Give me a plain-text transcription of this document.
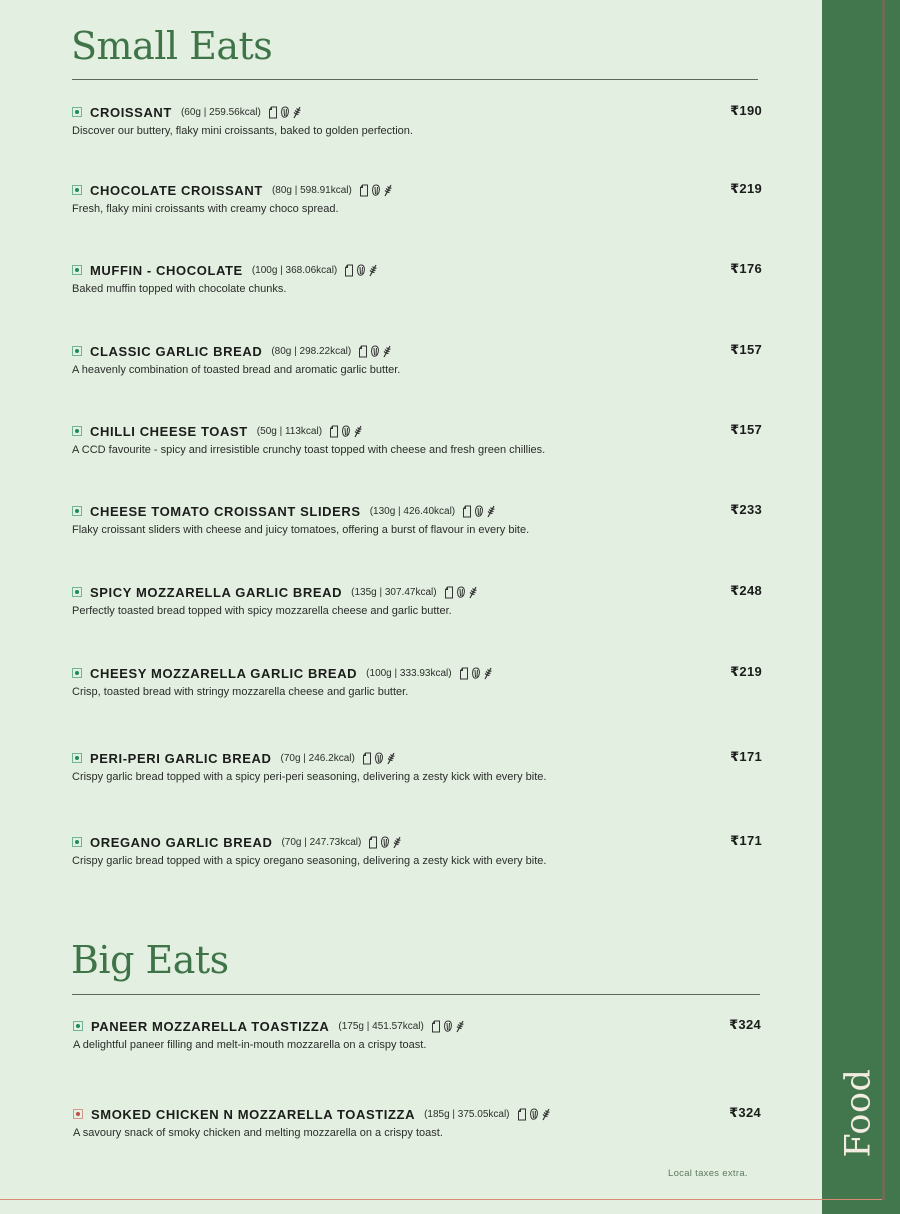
Small Eats
CROISSANT (60g | 259.56kcal)
Discover our buttery, flaky mini croissants, baked to golden perfection.
₹190
CHOCOLATE CROISSANT (80g | 598.91kcal)
Fresh, flaky mini croissants with creamy choco spread.
₹219
MUFFIN - CHOCOLATE (100g | 368.06kcal)
Baked muffin topped with chocolate chunks.
₹176
CLASSIC GARLIC BREAD (80g | 298.22kcal)
A heavenly combination of toasted bread and aromatic garlic butter.
₹157
CHILLI CHEESE TOAST (50g | 113kcal)
A CCD favourite - spicy and irresistible crunchy toast topped with cheese and fresh green chillies.
₹157
CHEESE TOMATO CROISSANT SLIDERS (130g | 426.40kcal)
Flaky croissant sliders with cheese and juicy tomatoes, offering a burst of flavour in every bite.
₹233
SPICY MOZZARELLA GARLIC BREAD (135g | 307.47kcal)
Perfectly toasted bread topped with spicy mozzarella cheese and garlic butter.
₹248
CHEESY MOZZARELLA GARLIC BREAD (100g | 333.93kcal)
Crisp, toasted bread with stringy mozzarella cheese and garlic butter.
₹219
PERI-PERI GARLIC BREAD (70g | 246.2kcal)
Crispy garlic bread topped with a spicy peri-peri seasoning, delivering a zesty kick with every bite.
₹171
OREGANO GARLIC BREAD (70g | 247.73kcal)
Crispy garlic bread topped with a spicy oregano seasoning, delivering a zesty kick with every bite.
₹171
Big Eats
PANEER MOZZARELLA TOASTIZZA (175g | 451.57kcal)
A delightful paneer filling and melt-in-mouth mozzarella on a crispy toast.
₹324
SMOKED CHICKEN N MOZZARELLA TOASTIZZA (185g | 375.05kcal)
A savoury snack of smoky chicken and melting mozzarella on a crispy toast.
₹324
Local taxes extra.
Food
